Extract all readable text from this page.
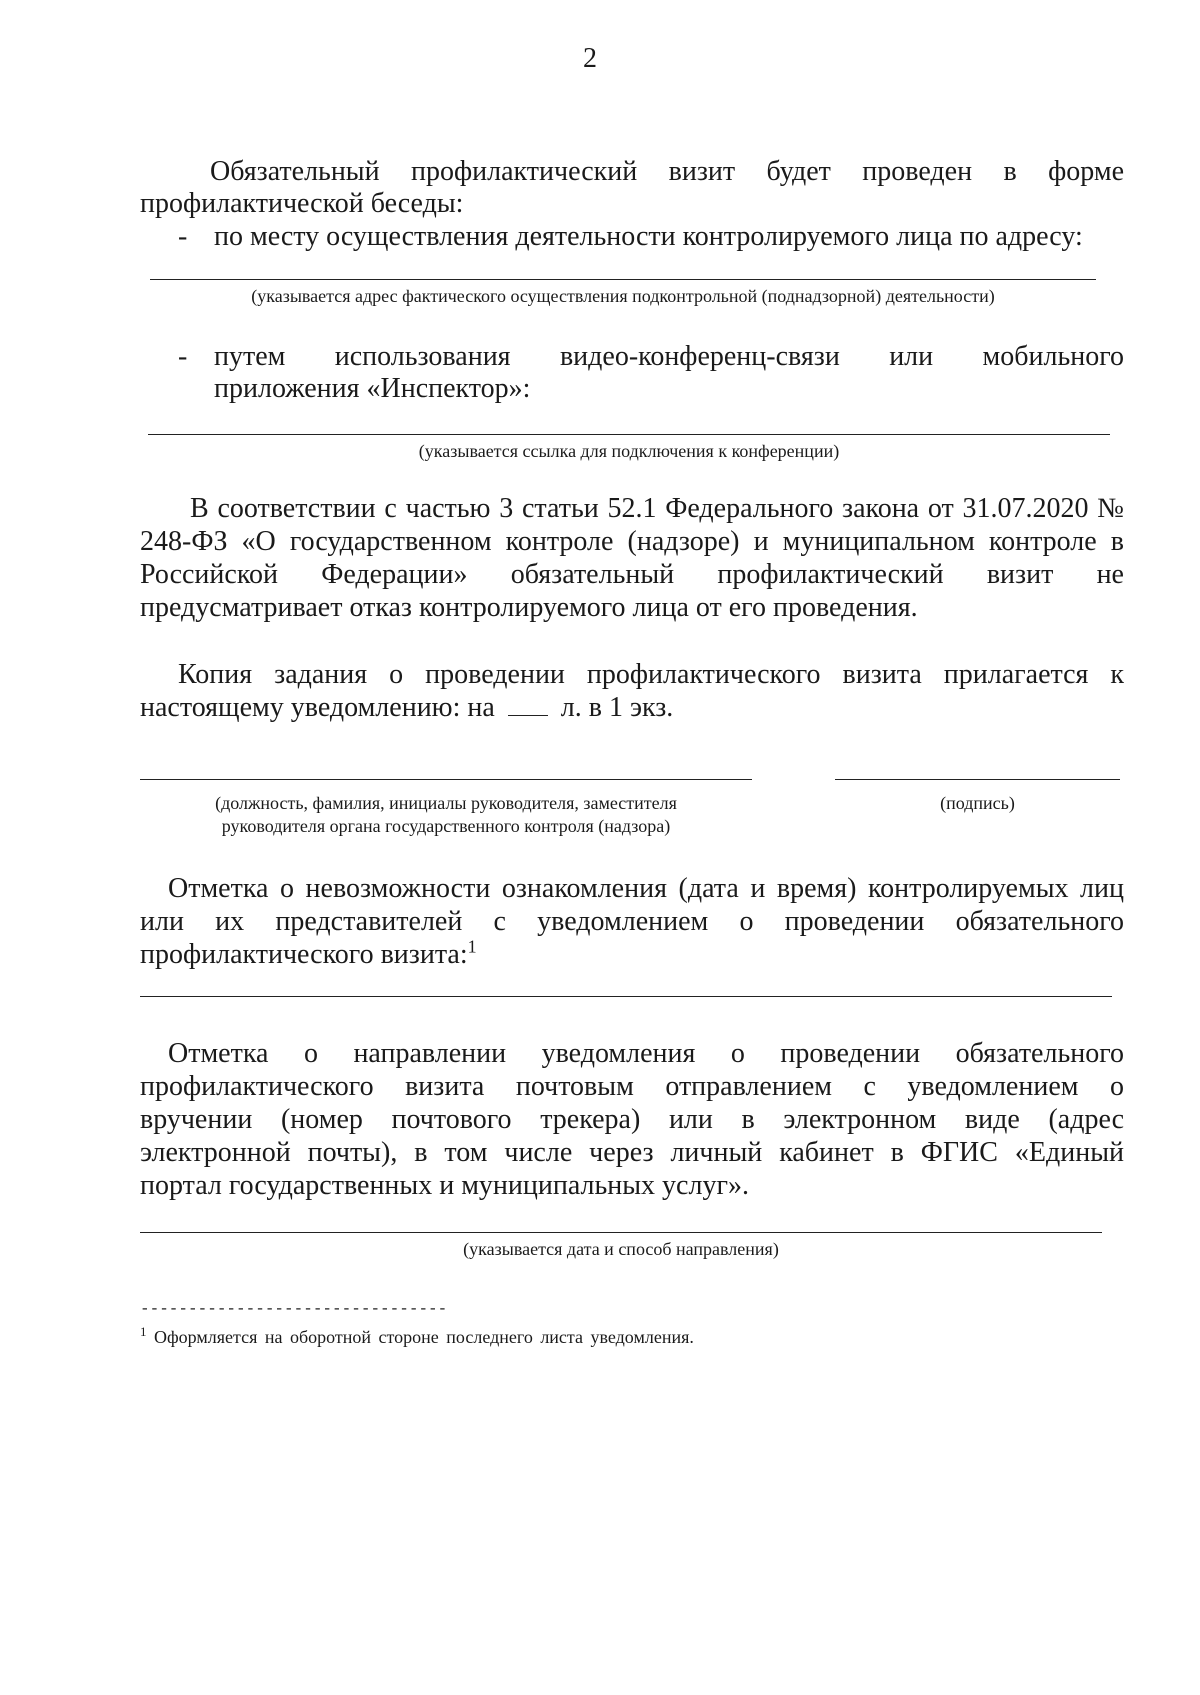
2
Обязательный профилактический визит будет проведен в форме
профилактической беседы:
- по месту осуществления деятельности контролируемого лица по адресу:
(указывается адрес фактического осуществления подконтрольной (поднадзорной) деятельности)
- путем использования видео-конференц-связи или мобильного
приложения «Инспектор»:
(указывается ссылка для подключения к конференции)
В соответствии с частью 3 статьи 52.1 Федерального закона от 31.07.2020 №
248-ФЗ «О государственном контроле (надзоре) и муниципальном контроле в
Российской Федерации» обязательный профилактический визит не
предусматривает отказ контролируемого лица от его проведения.
Копия задания о проведении профилактического визита прилагается к
настоящему уведомлению: на л. в 1 экз.
(должность, фамилия, инициалы руководителя, заместителя
руководителя органа государственного контроля (надзора)
(подпись)
Отметка о невозможности ознакомления (дата и время) контролируемых лиц
или их представителей с уведомлением о проведении обязательного
профилактического визита:$^1$
Отметка о направлении уведомления о проведении обязательного
профилактического визита почтовым отправлением с уведомлением о
вручении (номер почтового трекера) или в электронном виде (адрес
электронной почты), в том числе через личный кабинет в ФГИС «Единый
портал государственных и муниципальных услуг».
(указывается дата и способ направления)
--------------------------------
$^1$ Оформляется на оборотной стороне последнего листа уведомления.
